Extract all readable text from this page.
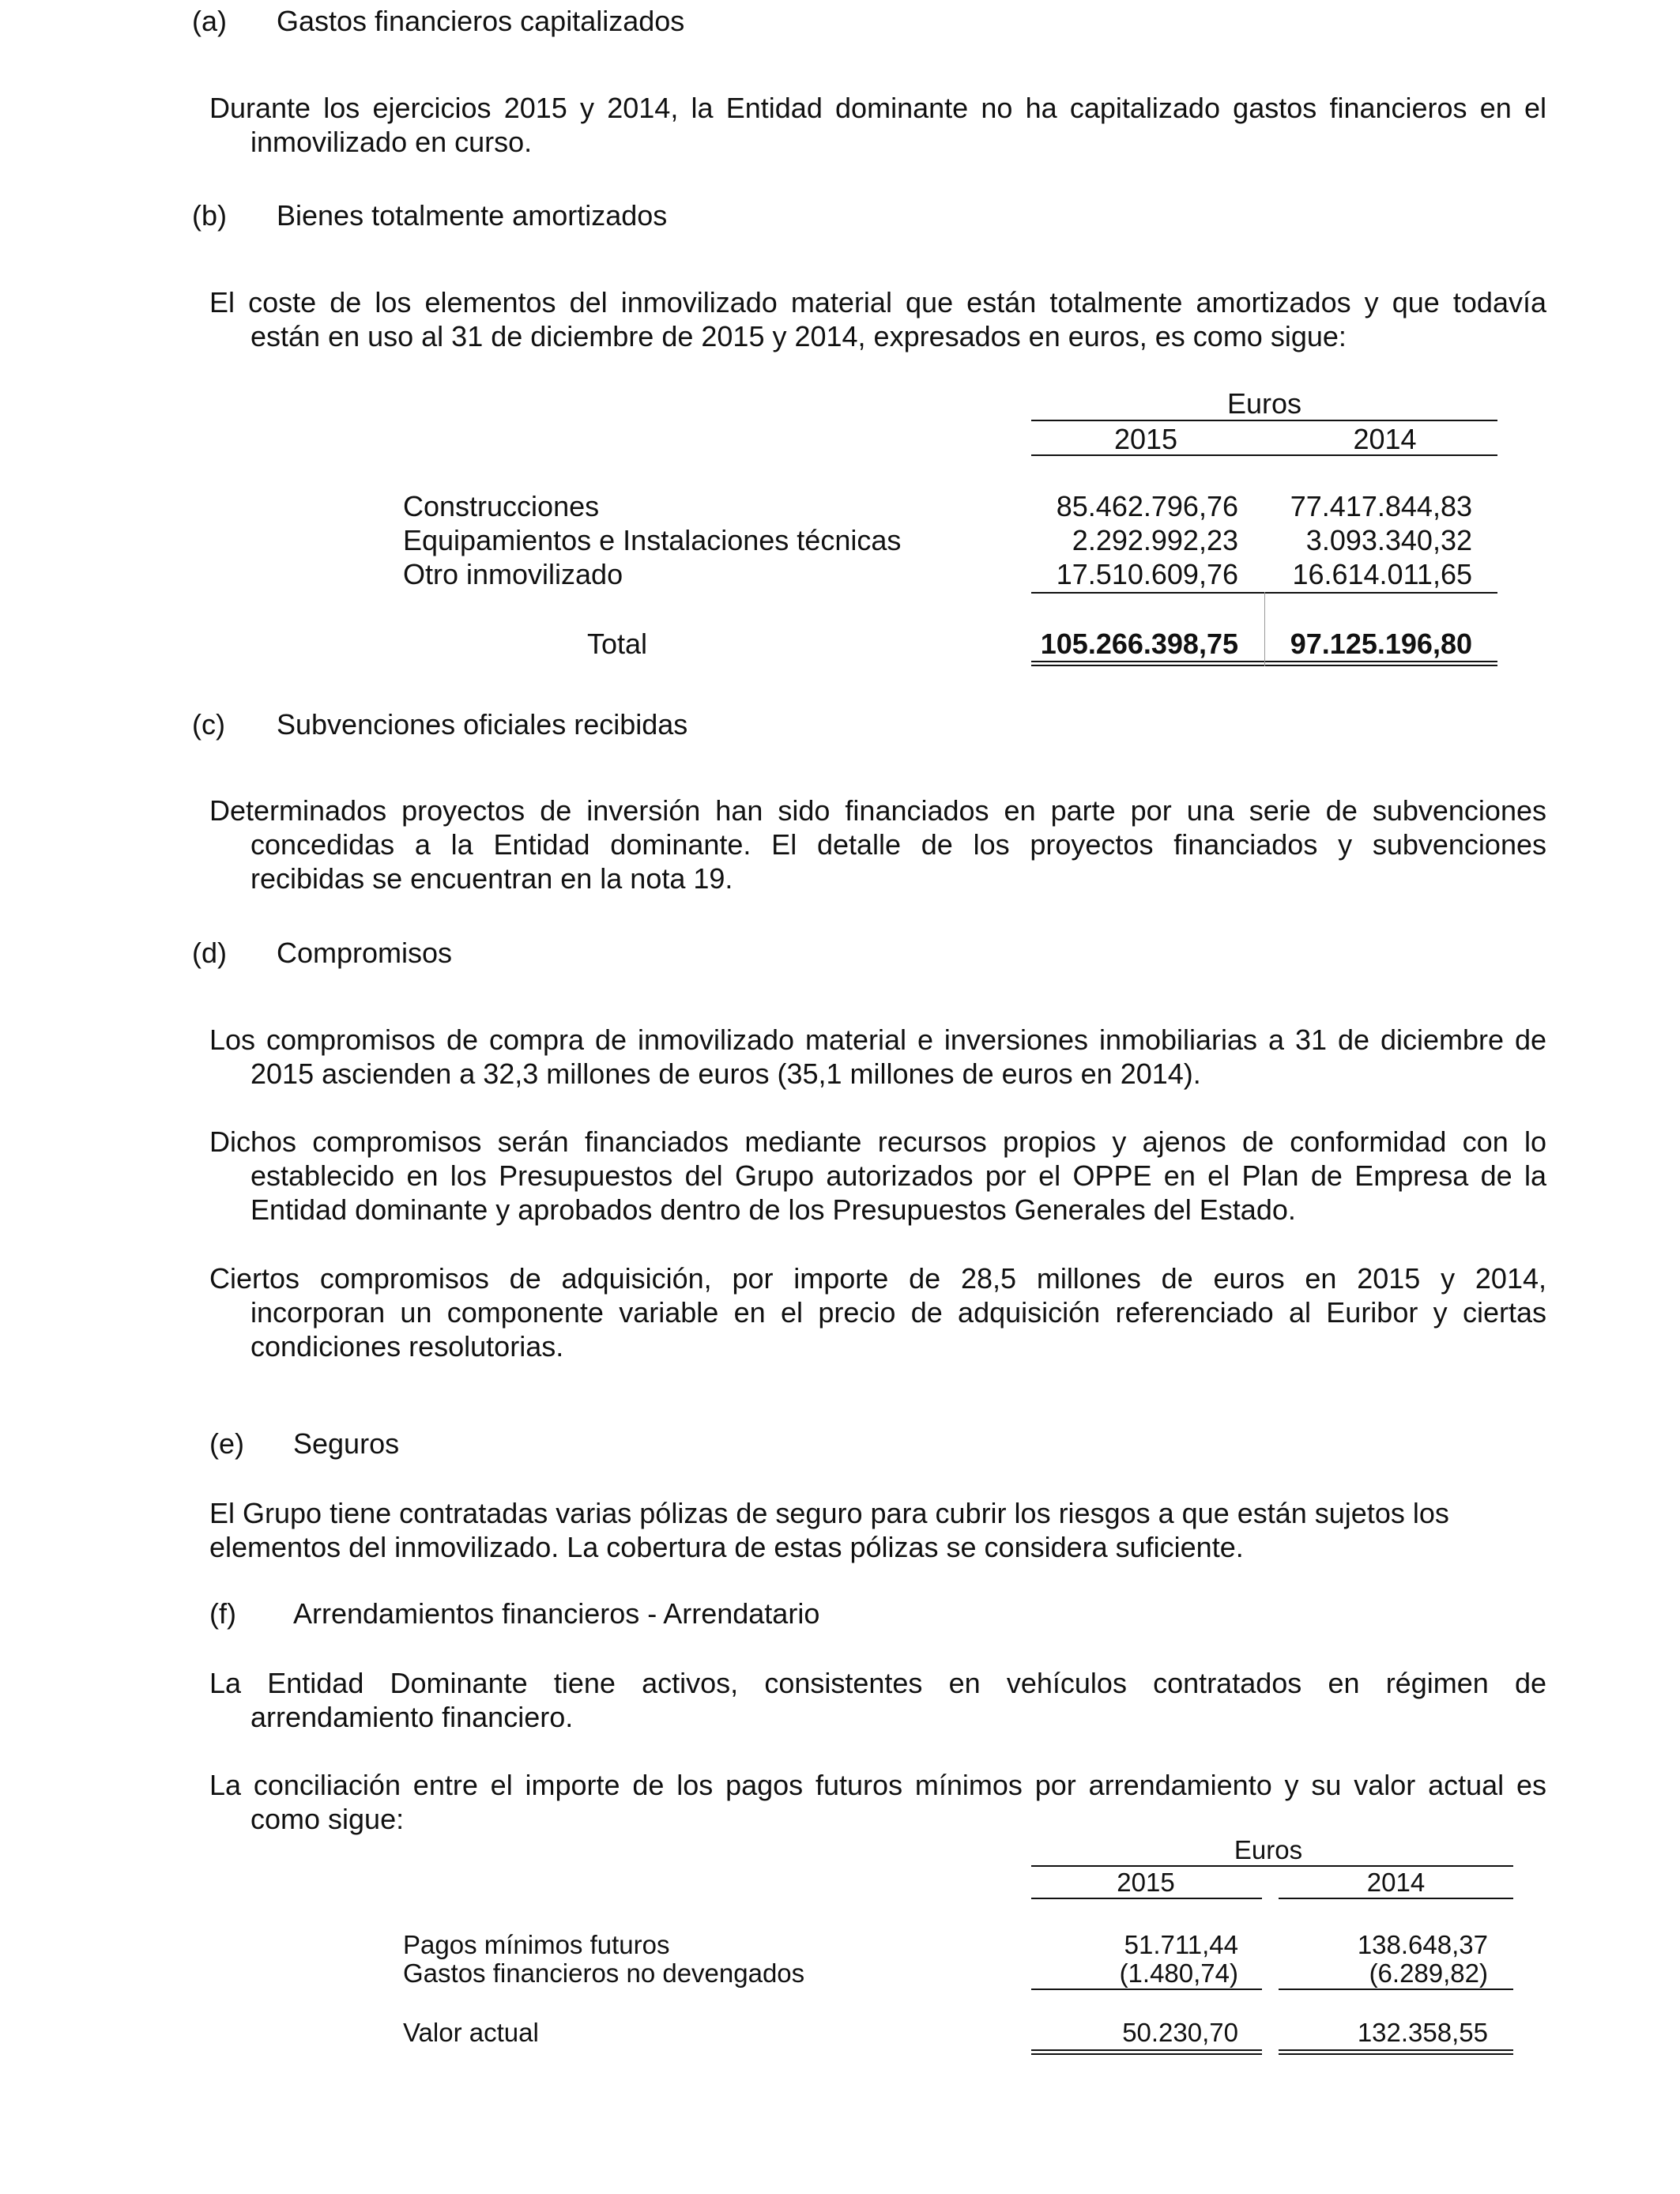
(a) Gastos financieros capitalizados
Durante los ejercicios 2015 y 2014, la Entidad dominante no ha capitalizado gastos financieros en el
inmovilizado en curso.
(b) Bienes totalmente amortizados
El coste de los elementos del inmovilizado material que están totalmente amortizados y que todavía
están en uso al 31 de diciembre de 2015 y 2014, expresados en euros, es como sigue:
Euros
2015	2014
Construcciones	85.462.796,76	77.417.844,83
Equipamientos e Instalaciones técnicas	2.292.992,23	3.093.340,32
Otro inmovilizado	17.510.609,76	16.614.011,65
Total	105.266.398,75	97.125.196,80
(c) Subvenciones oficiales recibidas
Determinados proyectos de inversión han sido financiados en parte por una serie de subvenciones
concedidas a la Entidad dominante. El detalle de los proyectos financiados y subvenciones
recibidas se encuentran en la nota 19.
(d) Compromisos
Los compromisos de compra de inmovilizado material e inversiones inmobiliarias a 31 de diciembre de
2015 ascienden a 32,3 millones de euros (35,1 millones de euros en 2014).
Dichos compromisos serán financiados mediante recursos propios y ajenos de conformidad con lo
establecido en los Presupuestos del Grupo autorizados por el OPPE en el Plan de Empresa de la
Entidad dominante y aprobados dentro de los Presupuestos Generales del Estado.
Ciertos compromisos de adquisición, por importe de 28,5 millones de euros en 2015 y 2014,
incorporan un componente variable en el precio de adquisición referenciado al Euribor y ciertas
condiciones resolutorias.
(e) Seguros
El Grupo tiene contratadas varias pólizas de seguro para cubrir los riesgos a que están sujetos los
elementos del inmovilizado. La cobertura de estas pólizas se considera suficiente.
(f) Arrendamientos financieros - Arrendatario
La Entidad Dominante tiene activos, consistentes en vehículos contratados en régimen de
arrendamiento financiero.
La conciliación entre el importe de los pagos futuros mínimos por arrendamiento y su valor actual es
como sigue:
Euros
2015	2014
Pagos mínimos futuros	51.711,44	138.648,37
Gastos financieros no devengados	(1.480,74)	(6.289,82)
Valor actual	50.230,70	132.358,55
